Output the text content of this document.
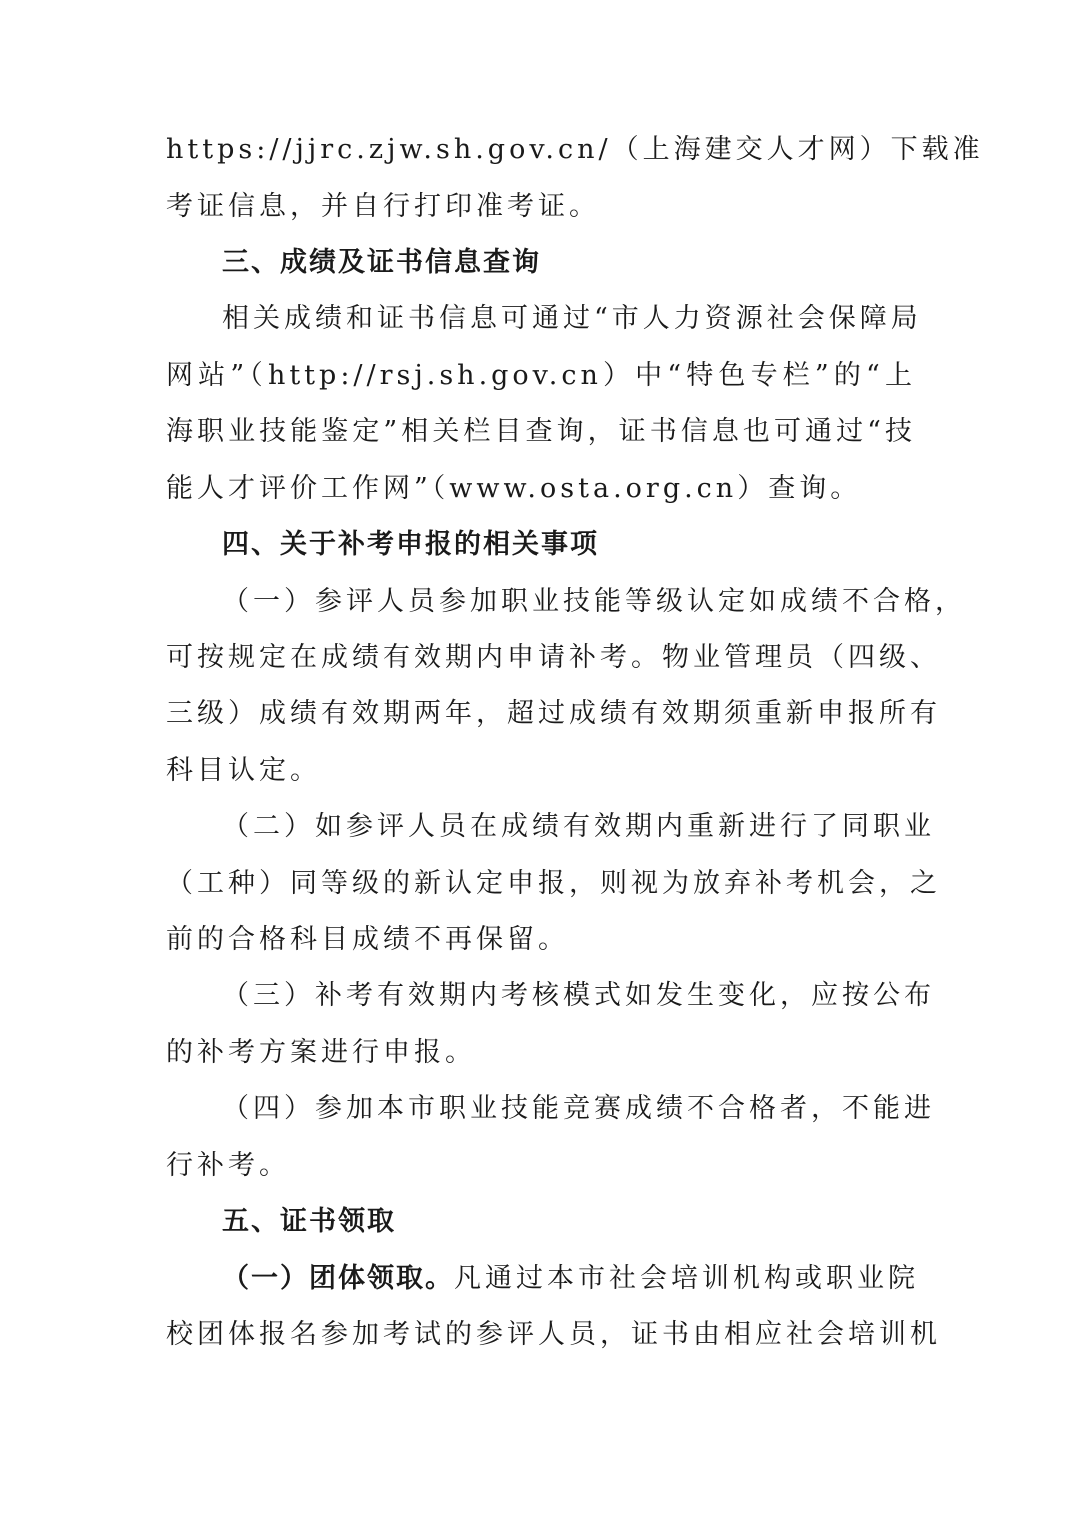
https://jjrc.zjw.sh.gov.cn/（上海建交人才网）下载准
考证信息，并自行打印准考证。
三、成绩及证书信息查询
相关成绩和证书信息可通过“市人力资源社会保障局
网站”（http://rsj.sh.gov.cn）中“特色专栏”的“上
海职业技能鉴定”相关栏目查询，证书信息也可通过“技
能人才评价工作网”（www.osta.org.cn）查询。
四、关于补考申报的相关事项
（一）参评人员参加职业技能等级认定如成绩不合格，
可按规定在成绩有效期内申请补考。物业管理员（四级、
三级）成绩有效期两年，超过成绩有效期须重新申报所有
科目认定。
（二）如参评人员在成绩有效期内重新进行了同职业
（工种）同等级的新认定申报，则视为放弃补考机会，之
前的合格科目成绩不再保留。
（三）补考有效期内考核模式如发生变化，应按公布
的补考方案进行申报。
（四）参加本市职业技能竞赛成绩不合格者，不能进
行补考。
五、证书领取
（一）团体领取。凡通过本市社会培训机构或职业院
校团体报名参加考试的参评人员，证书由相应社会培训机
